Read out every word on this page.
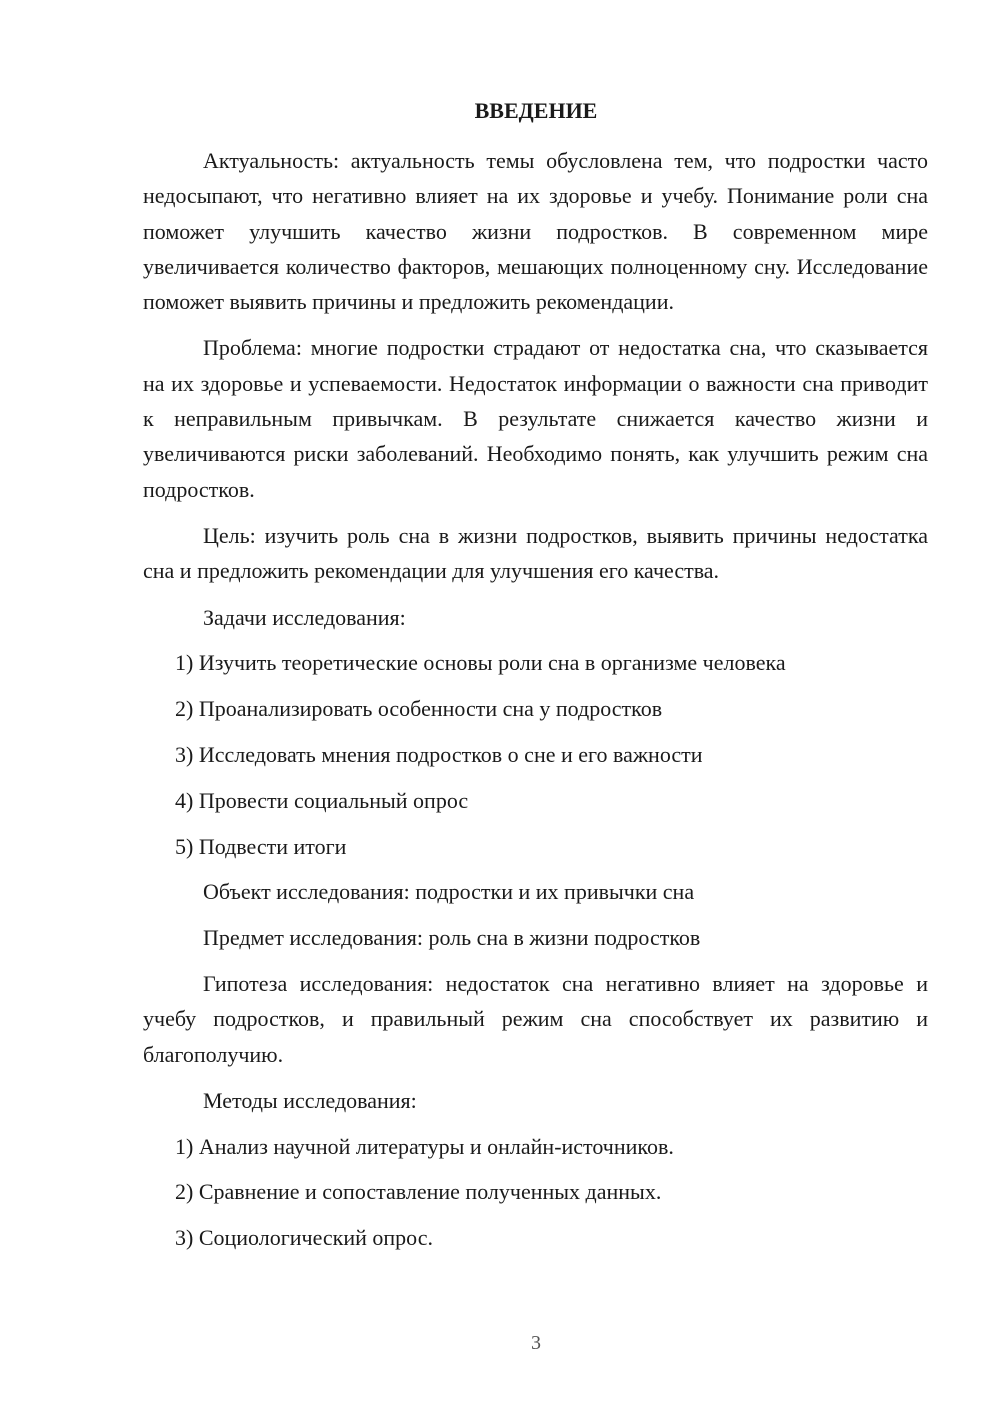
ВВЕДЕНИЕ

Актуальность: актуальность темы обусловлена тем, что подростки часто недосыпают, что негативно влияет на их здоровье и учебу. Понимание роли сна поможет улучшить качество жизни подростков. В современном мире увеличивается количество факторов, мешающих полноценному сну. Исследование поможет выявить причины и предложить рекомендации.

Проблема: многие подростки страдают от недостатка сна, что сказывается на их здоровье и успеваемости. Недостаток информации о важности сна приводит к неправильным привычкам. В результате снижается качество жизни и увеличиваются риски заболеваний. Необходимо понять, как улучшить режим сна подростков.

Цель: изучить роль сна в жизни подростков, выявить причины недостатка сна и предложить рекомендации для улучшения его качества.

Задачи исследования:
1) Изучить теоретические основы роли сна в организме человека
2) Проанализировать особенности сна у подростков
3) Исследовать мнения подростков о сне и его важности
4) Провести социальный опрос
5) Подвести итоги
Объект исследования: подростки и их привычки сна
Предмет исследования: роль сна в жизни подростков

Гипотеза исследования: недостаток сна негативно влияет на здоровье и учебу подростков, и правильный режим сна способствует их развитию и благополучию.

Методы исследования:
1) Анализ научной литературы и онлайн-источников.
2) Сравнение и сопоставление полученных данных.
3) Социологический опрос.
3
